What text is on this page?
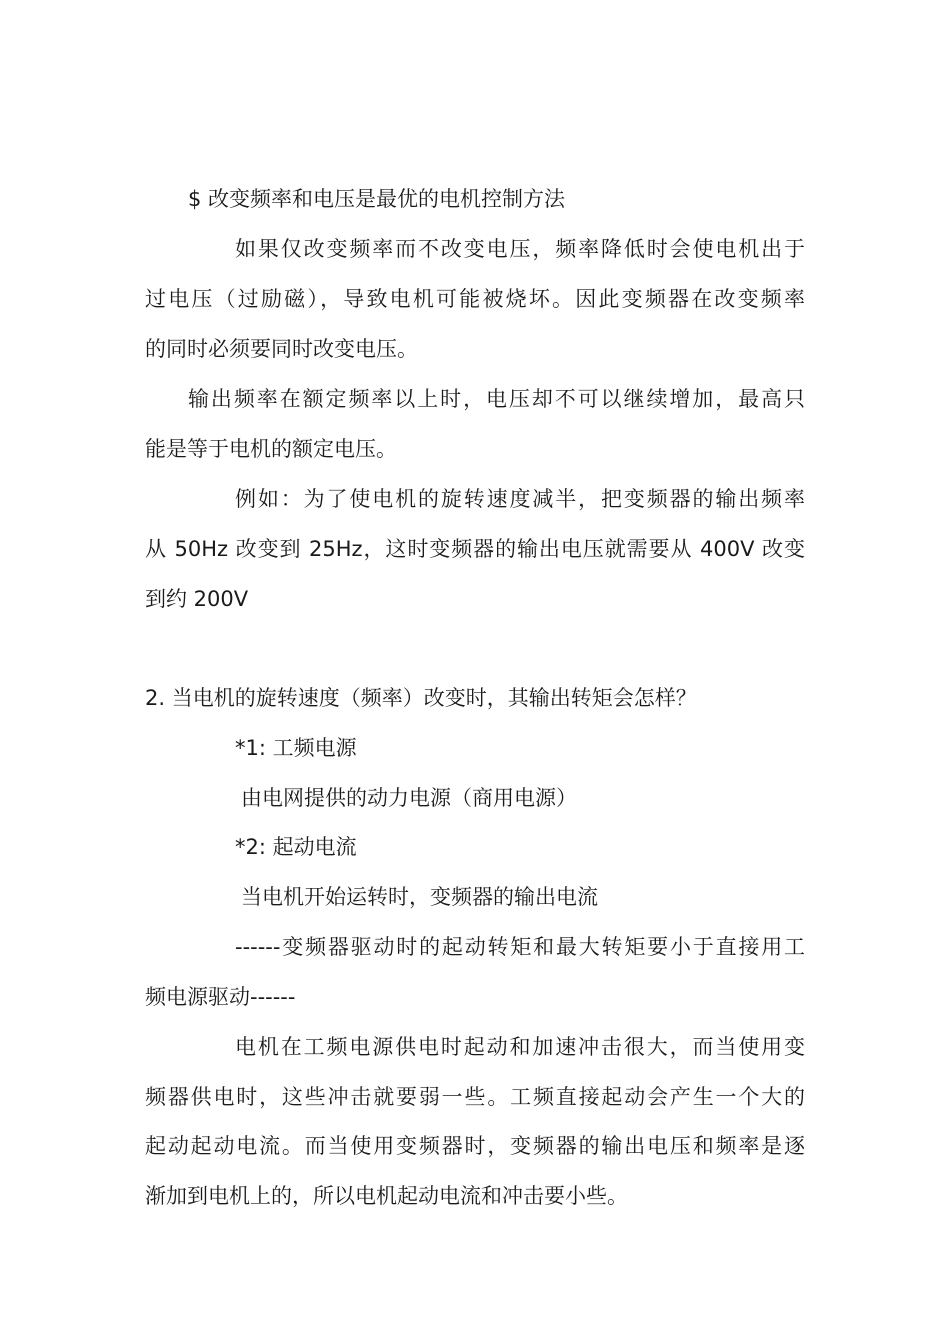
$ 改变频率和电压是最优的电机控制方法
如果仅改变频率而不改变电压，频率降低时会使电机出于
过电压（过励磁），导致电机可能被烧坏。因此变频器在改变频率
的同时必须要同时改变电压。
输出频率在额定频率以上时，电压却不可以继续增加，最高只
能是等于电机的额定电压。
例如：为了使电机的旋转速度减半，把变频器的输出频率
从 50Hz 改变到 25Hz，这时变频器的输出电压就需要从 400V 改变
到约 200V
2. 当电机的旋转速度（频率）改变时，其输出转矩会怎样？
*1: 工频电源
由电网提供的动力电源（商用电源）
*2: 起动电流
当电机开始运转时，变频器的输出电流
------变频器驱动时的起动转矩和最大转矩要小于直接用工
频电源驱动------
电机在工频电源供电时起动和加速冲击很大，而当使用变
频器供电时，这些冲击就要弱一些。工频直接起动会产生一个大的
起动起动电流。而当使用变频器时，变频器的输出电压和频率是逐
渐加到电机上的，所以电机起动电流和冲击要小些。
